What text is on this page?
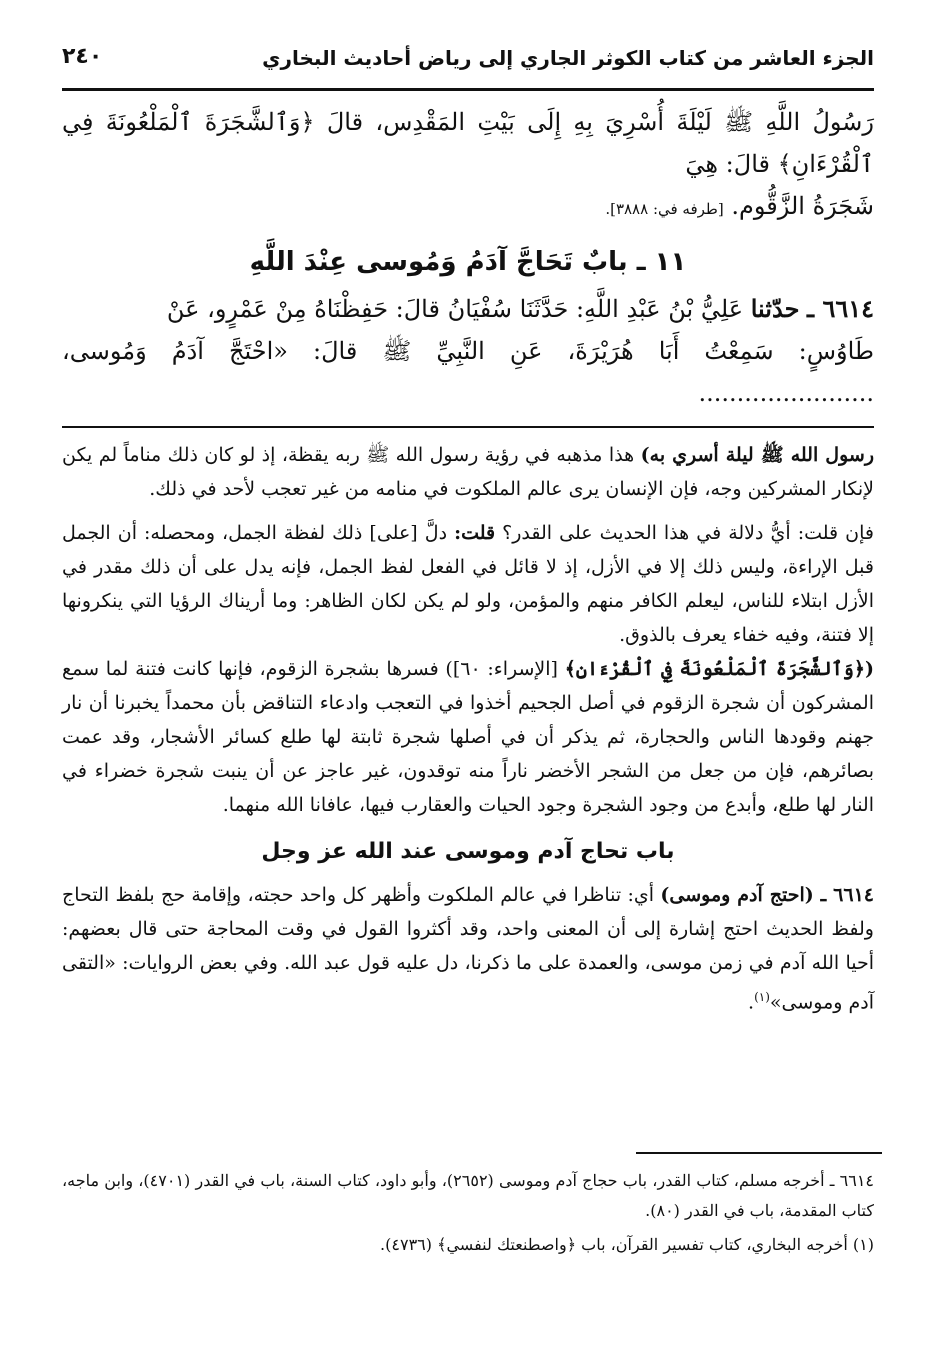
الجزء العاشر من كتاب الكوثر الجاري إلى رياض أحاديث البخاري
٢٤٠

رَسُولُ اللَّهِ ﷺ لَيْلَةَ أُسْرِيَ بِهِ إِلَى بَيْتِ المَقْدِس، قالَ ﴿وَٱلشَّجَرَةَ ٱلْمَلْعُونَةَ فِي ٱلْقُرْءَانِ﴾ قالَ: هِيَ
شَجَرَةُ الزَّقُّوم. [طرفه في: ٣٨٨٨].

١١ ـ بابٌ تَحَاجَّ آدَمُ وَمُوسى عِنْدَ اللَّهِ

٦٦١٤ ـ حدّثنا عَلِيُّ بْنُ عَبْدِ اللَّهِ: حَدَّثَنَا سُفْيَانُ قالَ: حَفِظْنَاهُ مِنْ عَمْرٍو، عَنْ
طَاوُسٍ: سَمِعْتُ أَبَا هُرَيْرَةَ، عَنِ النَّبِيِّ ﷺ قالَ: «احْتَجَّ آدَمُ وَمُوسى، .......................

رسول الله ﷺ ليلة أسري به) هذا مذهبه في رؤية رسول الله ﷺ ربه يقظة، إذ لو كان ذلك مناماً لم يكن لإنكار المشركين وجه، فإن الإنسان يرى عالم الملكوت في منامه من غير تعجب لأحد في ذلك.

فإن قلت: أيُّ دلالة في هذا الحديث على القدر؟ قلت: دلَّ [على] ذلك لفظة الجمل، ومحصله: أن الجمل قبل الإراءة، وليس ذلك إلا في الأزل، إذ لا قائل في الفعل لفظ الجمل، فإنه يدل على أن ذلك مقدر في الأزل ابتلاء للناس، ليعلم الكافر منهم والمؤمن، ولو لم يكن لكان الظاهر: وما أريناك الرؤيا التي ينكرونها إلا فتنة، وفيه خفاء يعرف بالذوق.

(﴿وَٱلشَّجَرَةَ ٱلْمَلْعُونَةَ فِي ٱلْقُرْءَانِ﴾ [الإسراء: ٦٠]) فسرها بشجرة الزقوم، فإنها كانت فتنة لما سمع المشركون أن شجرة الزقوم في أصل الجحيم أخذوا في التعجب وادعاء التناقض بأن محمداً يخبرنا أن نار جهنم وقودها الناس والحجارة، ثم يذكر أن في أصلها شجرة ثابتة لها طلع كسائر الأشجار، وقد عمت بصائرهم، فإن من جعل من الشجر الأخضر ناراً منه توقدون، غير عاجز عن أن ينبت شجرة خضراء في النار لها طلع، وأبدع من وجود الشجرة وجود الحيات والعقارب فيها، عافانا الله منهما.

باب تحاج آدم وموسى عند الله عز وجل

٦٦١٤ ـ (احتج آدم وموسى) أي: تناظرا في عالم الملكوت وأظهر كل واحد حجته، وإقامة حج بلفظ التحاج ولفظ الحديث احتج إشارة إلى أن المعنى واحد، وقد أكثروا القول في وقت المحاجة حتى قال بعضهم: أحيا الله آدم في زمن موسى، والعمدة على ما ذكرنا، دل عليه قول عبد الله. وفي بعض الروايات: «التقى آدم وموسى»$^{(١)}$.

٦٦١٤ ـ أخرجه مسلم، كتاب القدر، باب حجاج آدم وموسى (٢٦٥٢)، وأبو داود، كتاب السنة، باب في القدر (٤٧٠١)، وابن ماجه، كتاب المقدمة، باب في القدر (٨٠).

(١) أخرجه البخاري، كتاب تفسير القرآن، باب ﴿واصطنعتك لنفسي﴾ (٤٧٣٦).
